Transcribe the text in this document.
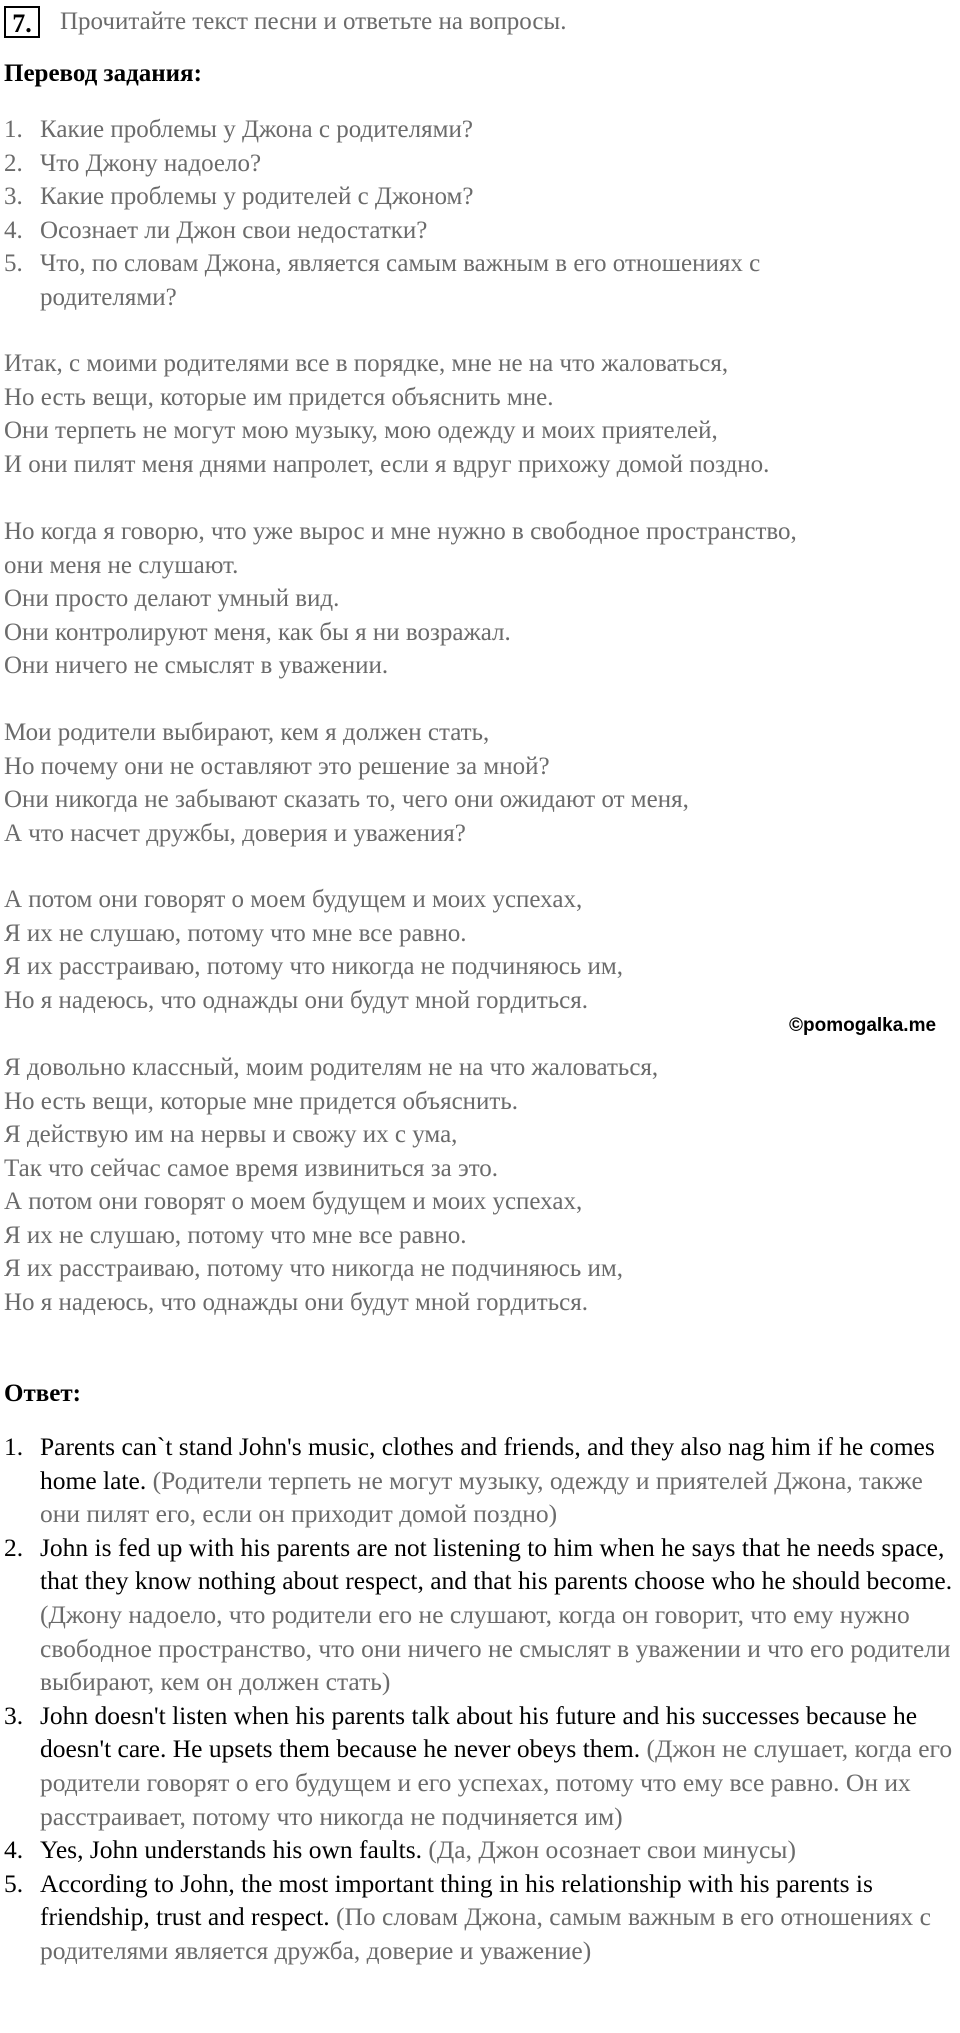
7.	Прочитайте текст песни и ответьте на вопросы.
Перевод задания:
1. Какие проблемы у Джона с родителями?
2. Что Джону надоело?
3. Какие проблемы у родителей с Джоном?
4. Осознает ли Джон свои недостатки?
5. Что, по словам Джона, является самым важным в его отношениях с родителями?
Итак, с моими родителями все в порядке, мне не на что жаловаться,
Но есть вещи, которые им придется объяснить мне.
Они терпеть не могут мою музыку, мою одежду и моих приятелей,
И они пилят меня днями напролет, если я вдруг прихожу домой поздно.
Но когда я говорю, что уже вырос и мне нужно в свободное пространство,
они меня не слушают.
Они просто делают умный вид.
Они контролируют меня, как бы я ни возражал.
Они ничего не смыслят в уважении.
Мои родители выбирают, кем я должен стать,
Но почему они не оставляют это решение за мной?
Они никогда не забывают сказать то, чего они ожидают от меня,
А что насчет дружбы, доверия и уважения?
А потом они говорят о моем будущем и моих успехах,
Я их не слушаю, потому что мне все равно.
Я их расстраиваю, потому что никогда не подчиняюсь им,
Но я надеюсь, что однажды они будут мной гордиться.
©pomogalka.me
Я довольно классный, моим родителям не на что жаловаться,
Но есть вещи, которые мне придется объяснить.
Я действую им на нервы и свожу их с ума,
Так что сейчас самое время извиниться за это.
А потом они говорят о моем будущем и моих успехах,
Я их не слушаю, потому что мне все равно.
Я их расстраиваю, потому что никогда не подчиняюсь им,
Но я надеюсь, что однажды они будут мной гордиться.
Ответ:
1. Parents can`t stand John's music, clothes and friends, and they also nag him if he comes home late. (Родители терпеть не могут музыку, одежду и приятелей Джона, также они пилят его, если он приходит домой поздно)
2. John is fed up with his parents are not listening to him when he says that he needs space, that they know nothing about respect, and that his parents choose who he should become. (Джону надоело, что родители его не слушают, когда он говорит, что ему нужно свободное пространство, что они ничего не смыслят в уважении и что его родители выбирают, кем он должен стать)
3. John doesn't listen when his parents talk about his future and his successes because he doesn't care. He upsets them because he never obeys them. (Джон не слушает, когда его родители говорят о его будущем и его успехах, потому что ему все равно. Он их расстраивает, потому что никогда не подчиняется им)
4. Yes, John understands his own faults. (Да, Джон осознает свои минусы)
5. According to John, the most important thing in his relationship with his parents is friendship, trust and respect. (По словам Джона, самым важным в его отношениях с родителями является дружба, доверие и уважение)
